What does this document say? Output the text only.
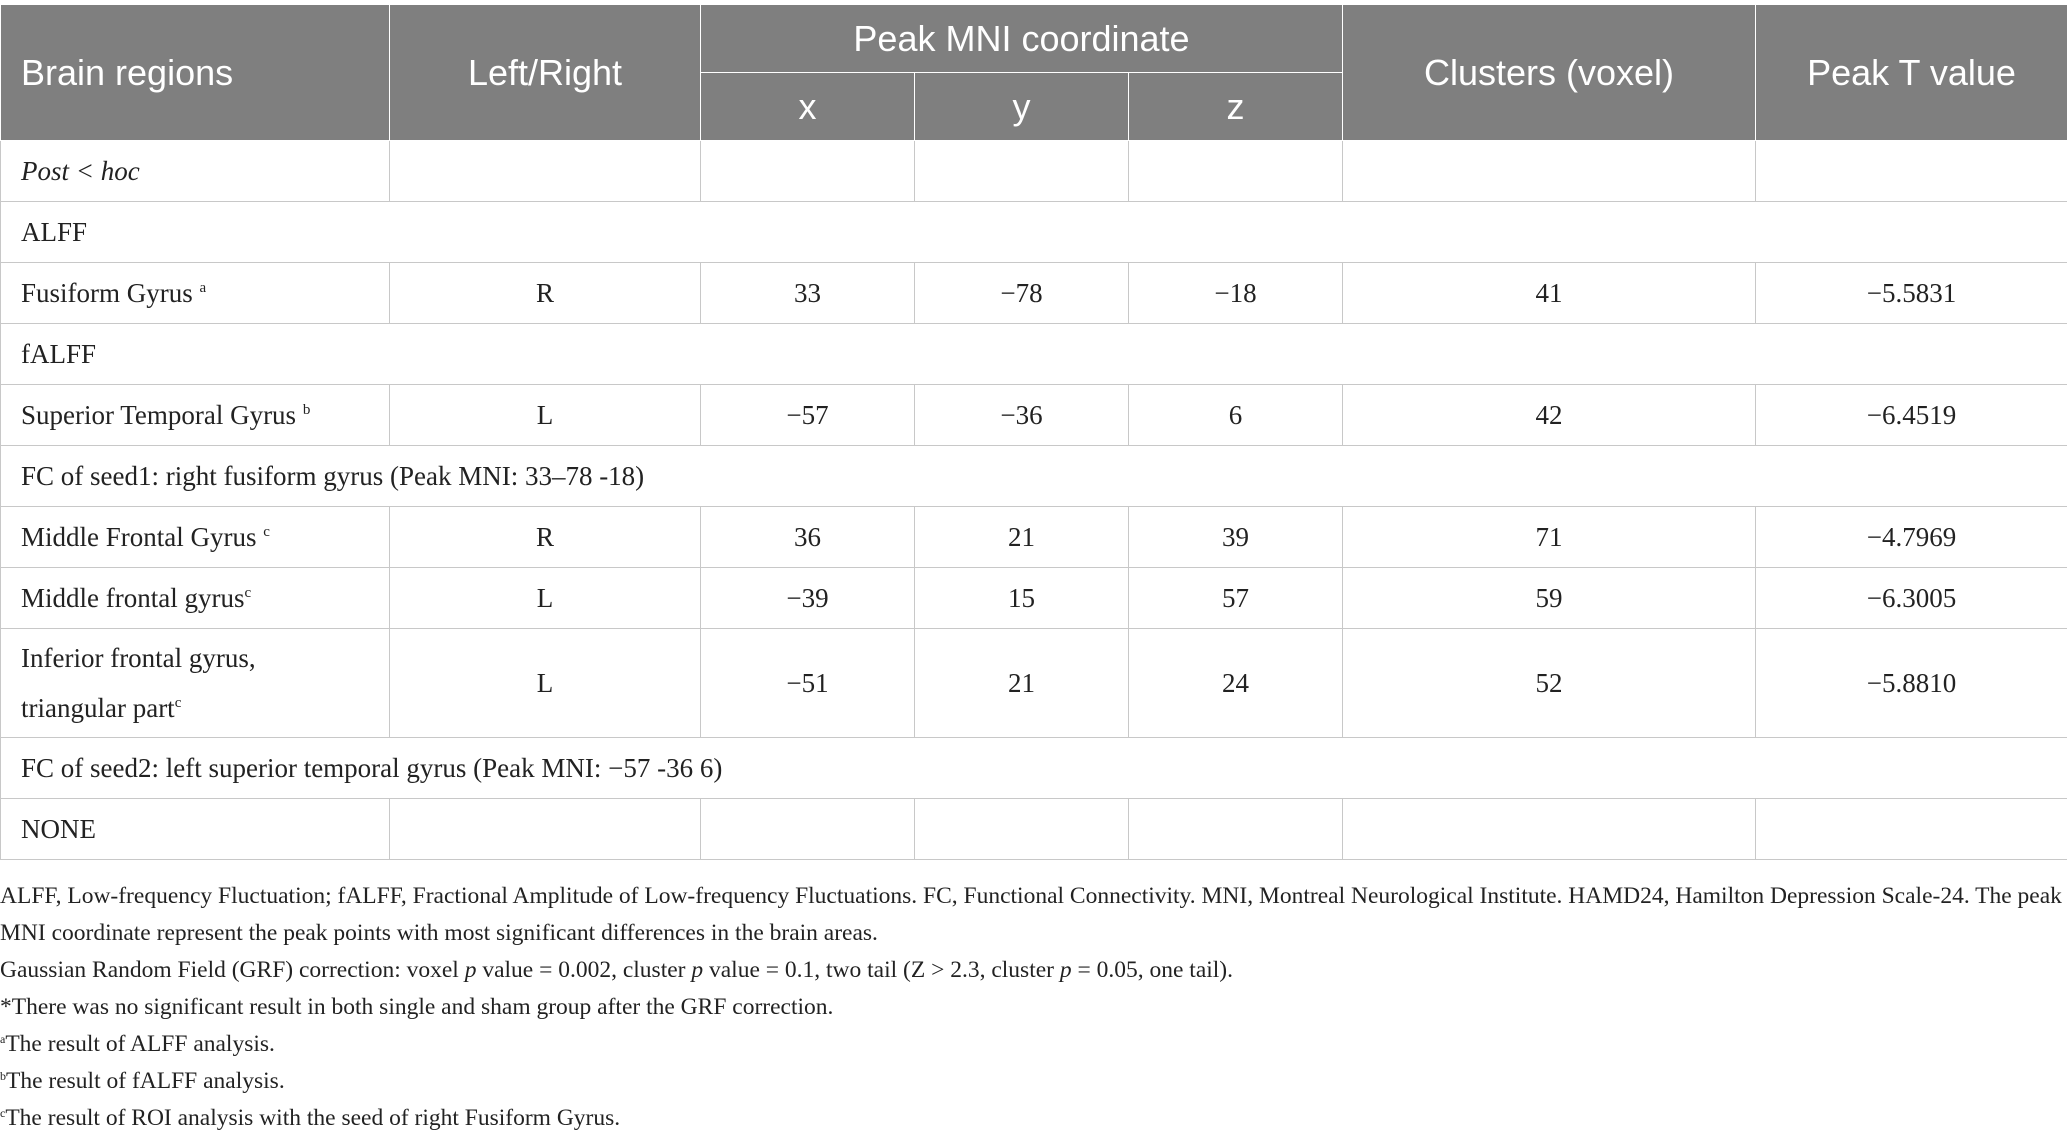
Brain regions	Left/Right	Peak MNI coordinate			Clusters (voxel)	Peak T value
		x	y	z		
Post < hoc						
ALFF						
Fusiform Gyrus $^a$	R	33	−78	−18	41	−5.5831
fALFF						
Superior Temporal Gyrus $^b$	L	−57	−36	6	42	−6.4519
FC of seed1: right fusiform gyrus (Peak MNI: 33–78 -18)						
Middle Frontal Gyrus $^c$	R	36	21	39	71	−4.7969
Middle frontal gyrus$^c$	L	−39	15	57	59	−6.3005

Inferior frontal gyrus,
triangular part$^c$	L	−51	21	24	52	−5.8810
FC of seed2: left superior temporal gyrus (Peak MNI: −57 -36 6)						
NONE						

ALFF, Low-frequency Fluctuation; fALFF, Fractional Amplitude of Low-frequency Fluctuations. FC, Functional Connectivity. MNI, Montreal Neurological Institute. HAMD24, Hamilton Depression Scale-24. The peak MNI coordinate represent the peak points with most significant differences in the brain areas.

Gaussian Random Field (GRF) correction: voxel p value = 0.002, cluster p value = 0.1, two tail (Z > 2.3, cluster p = 0.05, one tail).

*There was no significant result in both single and sham group after the GRF correction.

$^a$The result of ALFF analysis.

$^b$The result of fALFF analysis.

$^c$The result of ROI analysis with the seed of right Fusiform Gyrus.
